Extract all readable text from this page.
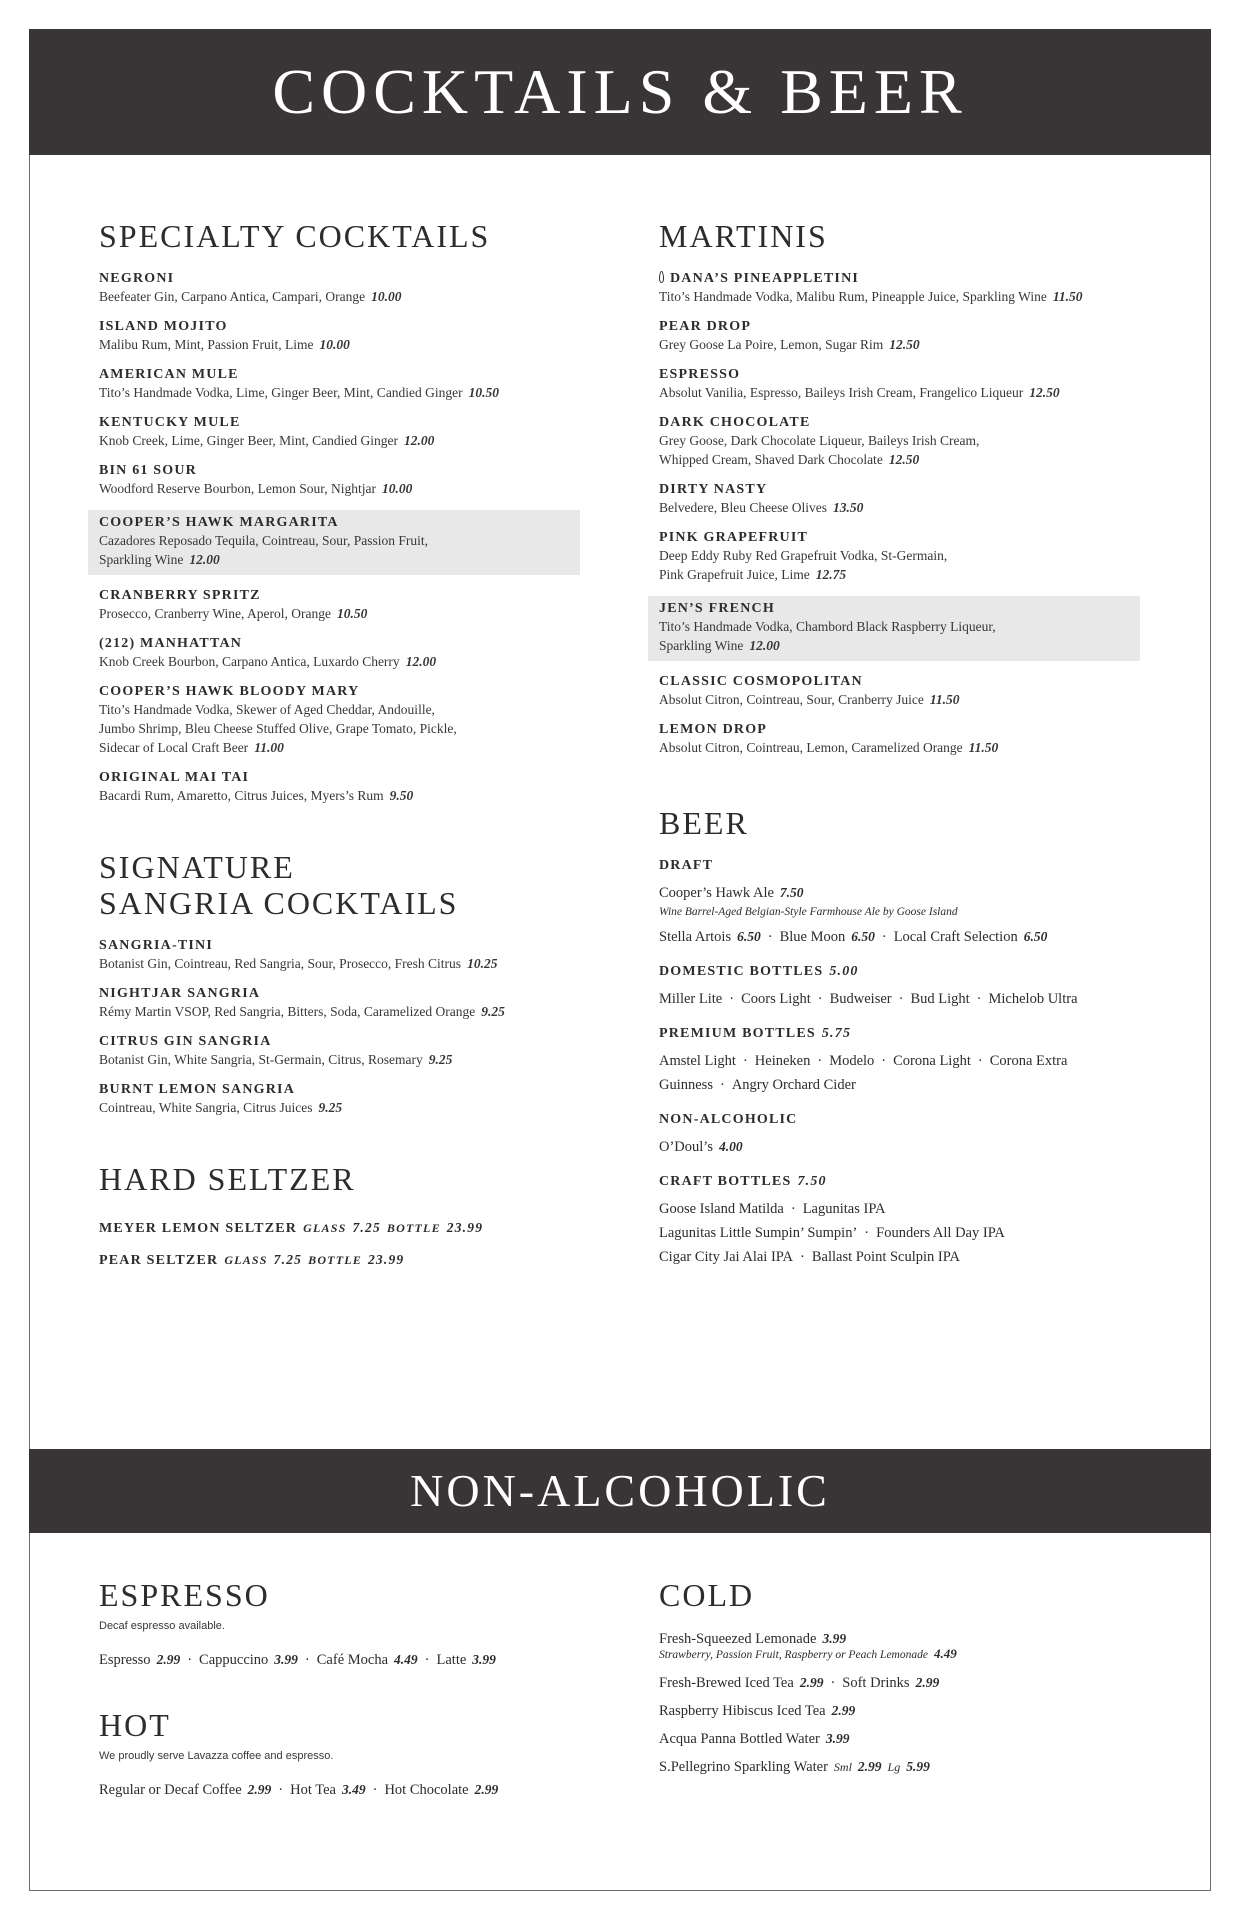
COCKTAILS & BEER
SPECIALTY COCKTAILS
NEGRONI
Beefeater Gin, Carpano Antica, Campari, Orange 10.00
ISLAND MOJITO
Malibu Rum, Mint, Passion Fruit, Lime 10.00
AMERICAN MULE
Tito’s Handmade Vodka, Lime, Ginger Beer, Mint, Candied Ginger 10.50
KENTUCKY MULE
Knob Creek, Lime, Ginger Beer, Mint, Candied Ginger 12.00
BIN 61 SOUR
Woodford Reserve Bourbon, Lemon Sour, Nightjar 10.00
COOPER’S HAWK MARGARITA
Cazadores Reposado Tequila, Cointreau, Sour, Passion Fruit,
Sparkling Wine 12.00
CRANBERRY SPRITZ
Prosecco, Cranberry Wine, Aperol, Orange 10.50
(212) MANHATTAN
Knob Creek Bourbon, Carpano Antica, Luxardo Cherry 12.00
COOPER’S HAWK BLOODY MARY
Tito’s Handmade Vodka, Skewer of Aged Cheddar, Andouille,
Jumbo Shrimp, Bleu Cheese Stuffed Olive, Grape Tomato, Pickle,
Sidecar of Local Craft Beer 11.00
ORIGINAL MAI TAI
Bacardi Rum, Amaretto, Citrus Juices, Myers’s Rum 9.50
SIGNATURE
SANGRIA COCKTAILS
SANGRIA-TINI
Botanist Gin, Cointreau, Red Sangria, Sour, Prosecco, Fresh Citrus 10.25
NIGHTJAR SANGRIA
Rémy Martin VSOP, Red Sangria, Bitters, Soda, Caramelized Orange 9.25
CITRUS GIN SANGRIA
Botanist Gin, White Sangria, St-Germain, Citrus, Rosemary 9.25
BURNT LEMON SANGRIA
Cointreau, White Sangria, Citrus Juices 9.25
HARD SELTZER
MEYER LEMON SELTZER GLASS 7.25 BOTTLE 23.99
PEAR SELTZER GLASS 7.25 BOTTLE 23.99
MARTINIS
DANA’S PINEAPPLETINI
Tito’s Handmade Vodka, Malibu Rum, Pineapple Juice, Sparkling Wine 11.50
PEAR DROP
Grey Goose La Poire, Lemon, Sugar Rim 12.50
ESPRESSO
Absolut Vanilia, Espresso, Baileys Irish Cream, Frangelico Liqueur 12.50
DARK CHOCOLATE
Grey Goose, Dark Chocolate Liqueur, Baileys Irish Cream,
Whipped Cream, Shaved Dark Chocolate 12.50
DIRTY NASTY
Belvedere, Bleu Cheese Olives 13.50
PINK GRAPEFRUIT
Deep Eddy Ruby Red Grapefruit Vodka, St-Germain,
Pink Grapefruit Juice, Lime 12.75
JEN’S FRENCH
Tito’s Handmade Vodka, Chambord Black Raspberry Liqueur,
Sparkling Wine 12.00
CLASSIC COSMOPOLITAN
Absolut Citron, Cointreau, Sour, Cranberry Juice 11.50
LEMON DROP
Absolut Citron, Cointreau, Lemon, Caramelized Orange 11.50
BEER
DRAFT
Cooper’s Hawk Ale 7.50
Wine Barrel-Aged Belgian-Style Farmhouse Ale by Goose Island
Stella Artois 6.50 · Blue Moon 6.50 · Local Craft Selection 6.50
DOMESTIC BOTTLES 5.00
Miller Lite · Coors Light · Budweiser · Bud Light · Michelob Ultra
PREMIUM BOTTLES 5.75
Amstel Light · Heineken · Modelo · Corona Light · Corona Extra
Guinness · Angry Orchard Cider
NON-ALCOHOLIC
O’Doul’s 4.00
CRAFT BOTTLES 7.50
Goose Island Matilda · Lagunitas IPA
Lagunitas Little Sumpin’ Sumpin’ · Founders All Day IPA
Cigar City Jai Alai IPA · Ballast Point Sculpin IPA
NON-ALCOHOLIC
ESPRESSO
Decaf espresso available.
Espresso 2.99 · Cappuccino 3.99 · Café Mocha 4.49 · Latte 3.99
HOT
We proudly serve Lavazza coffee and espresso.
Regular or Decaf Coffee 2.99 · Hot Tea 3.49 · Hot Chocolate 2.99
COLD
Fresh-Squeezed Lemonade 3.99
Strawberry, Passion Fruit, Raspberry or Peach Lemonade 4.49
Fresh-Brewed Iced Tea 2.99 · Soft Drinks 2.99
Raspberry Hibiscus Iced Tea 2.99
Acqua Panna Bottled Water 3.99
S.Pellegrino Sparkling Water Sml 2.99 Lg 5.99
